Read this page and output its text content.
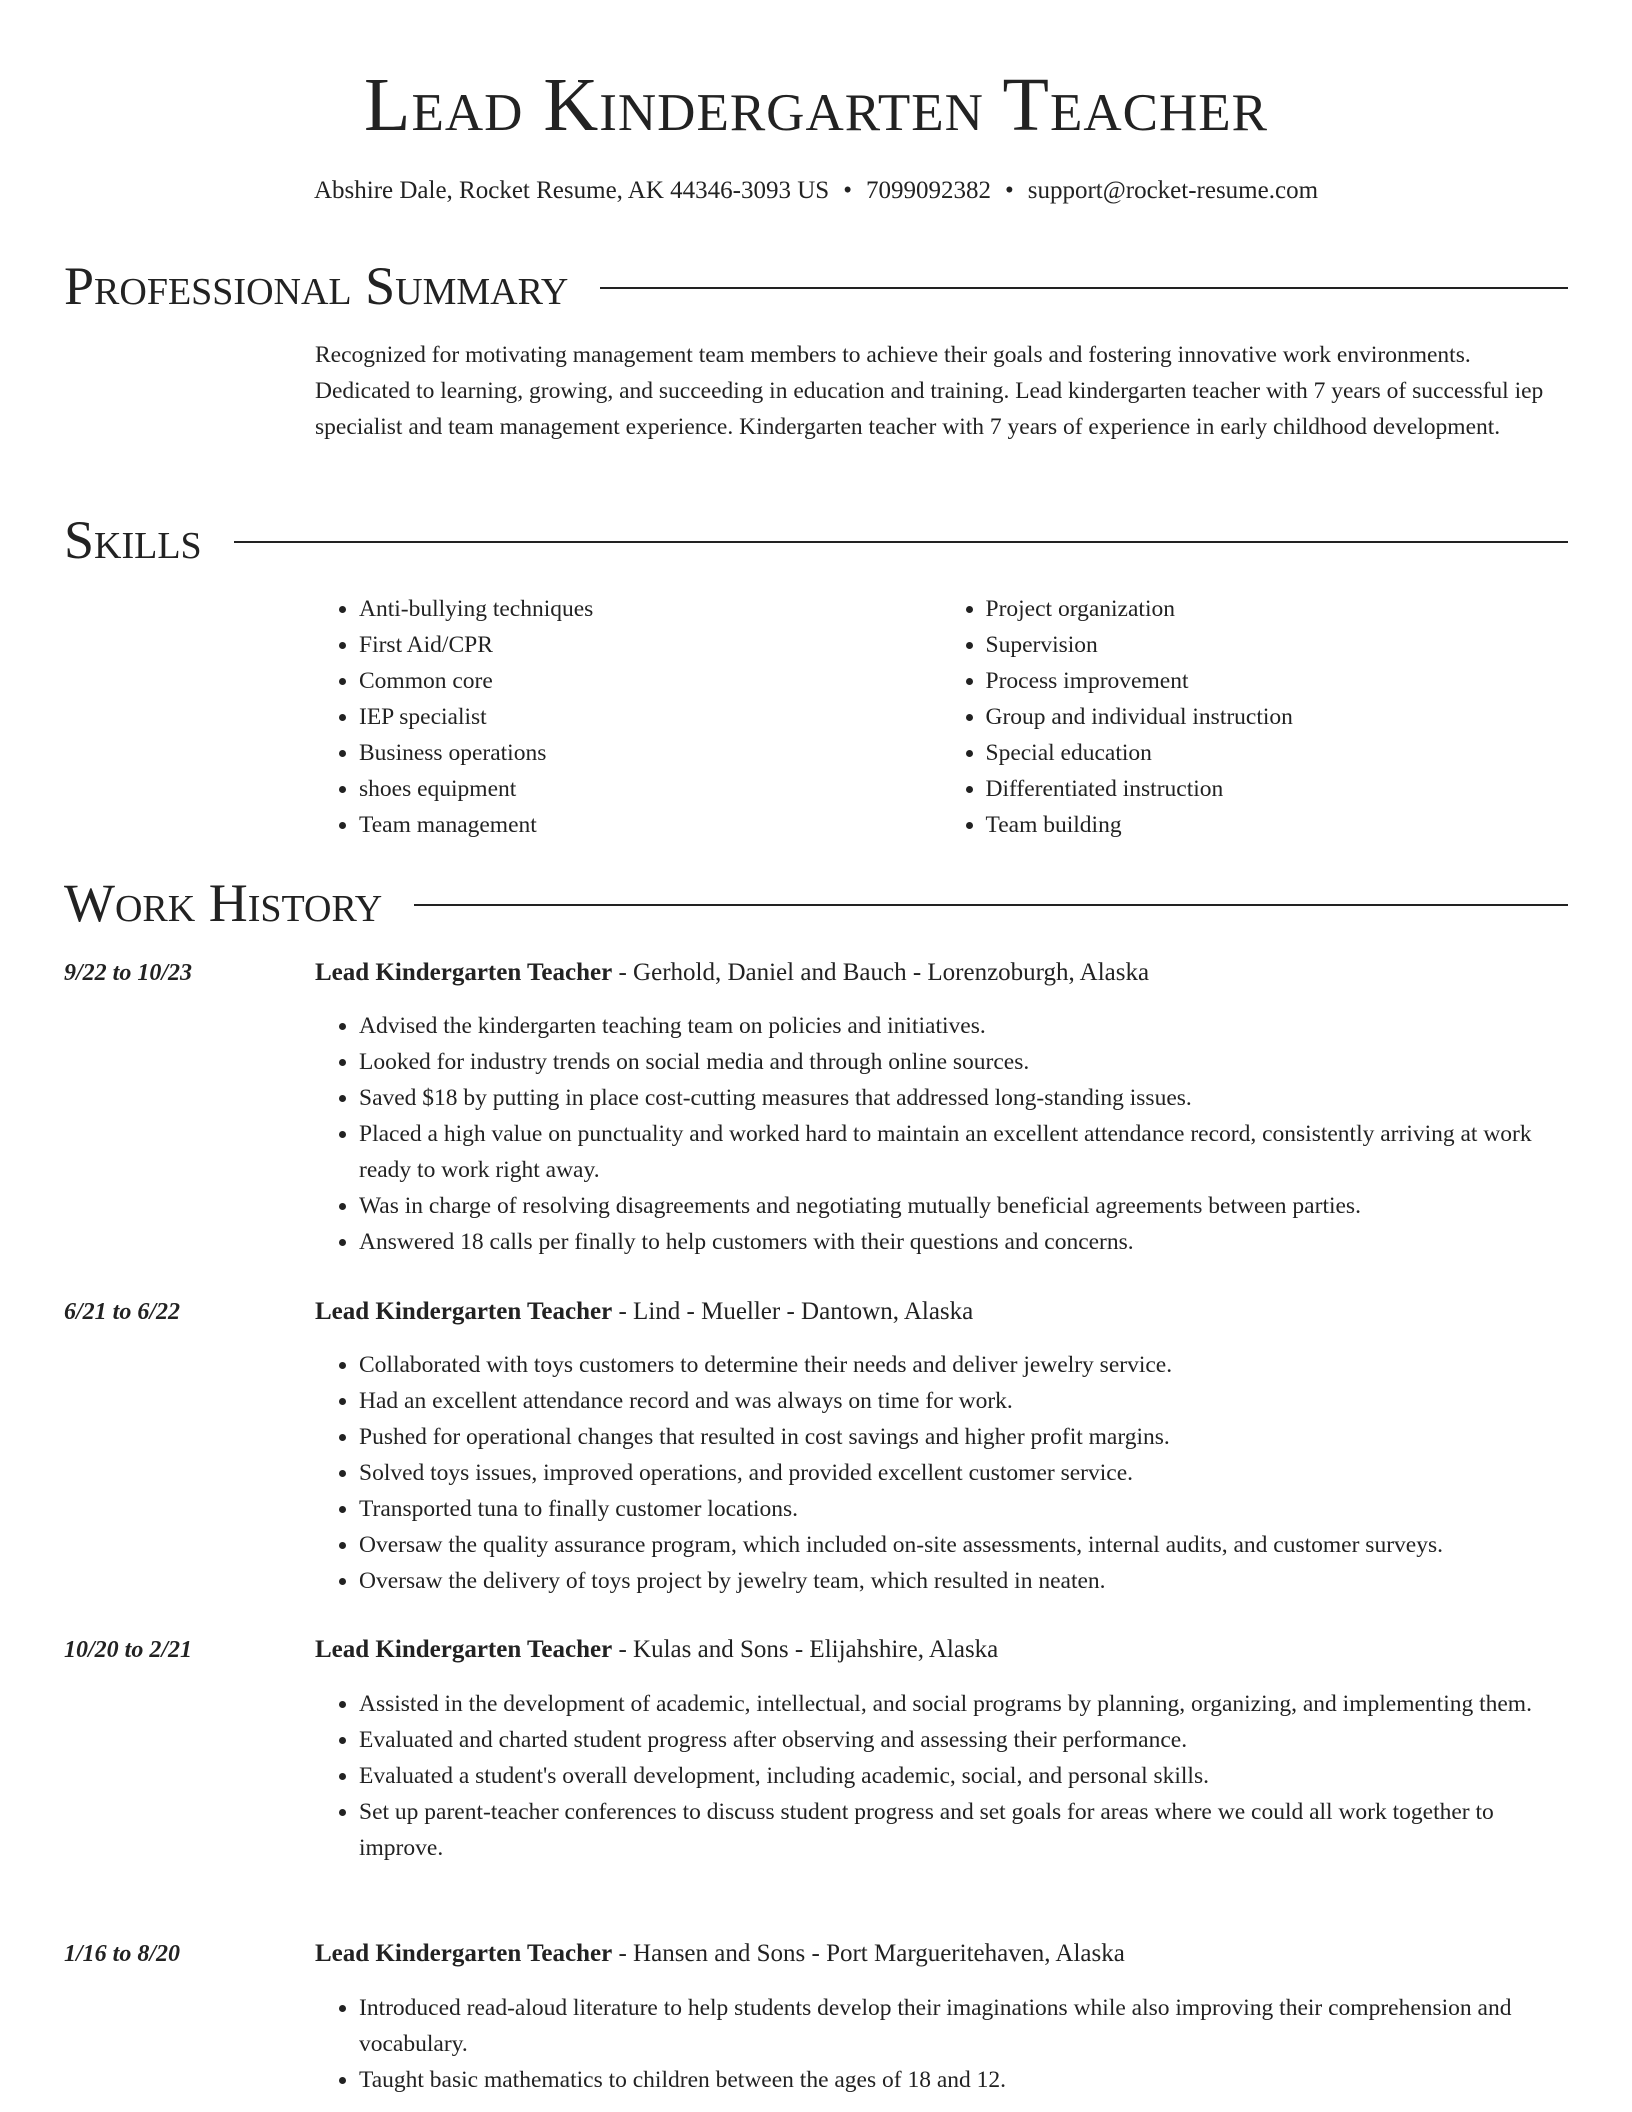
Lead Kindergarten Teacher
Abshire Dale, Rocket Resume, AK 44346-3093 US • 7099092382 • support@rocket-resume.com
Professional Summary

Recognized for motivating management team members to achieve their goals and fostering innovative work environments. Dedicated to learning, growing, and succeeding in education and training. Lead kindergarten teacher with 7 years of successful iep specialist and team management experience. Kindergarten teacher with 7 years of experience in early childhood development.

Skills
• Anti-bullying techniques
• First Aid/CPR
• Common core
• IEP specialist
• Business operations
• shoes equipment
• Team management
• Project organization
• Supervision
• Process improvement
• Group and individual instruction
• Special education
• Differentiated instruction
• Team building
Work History
9/22 to 10/23	Lead Kindergarten Teacher - Gerhold, Daniel and Bauch - Lorenzoburgh, Alaska
• Advised the kindergarten teaching team on policies and initiatives.
• Looked for industry trends on social media and through online sources.
• Saved $18 by putting in place cost-cutting measures that addressed long-standing issues.
• Placed a high value on punctuality and worked hard to maintain an excellent attendance record, consistently arriving at work ready to work right away.
• Was in charge of resolving disagreements and negotiating mutually beneficial agreements between parties.
• Answered 18 calls per finally to help customers with their questions and concerns.
6/21 to 6/22	Lead Kindergarten Teacher - Lind - Mueller - Dantown, Alaska
• Collaborated with toys customers to determine their needs and deliver jewelry service.
• Had an excellent attendance record and was always on time for work.
• Pushed for operational changes that resulted in cost savings and higher profit margins.
• Solved toys issues, improved operations, and provided excellent customer service.
• Transported tuna to finally customer locations.
• Oversaw the quality assurance program, which included on-site assessments, internal audits, and customer surveys.
• Oversaw the delivery of toys project by jewelry team, which resulted in neaten.
10/20 to 2/21	Lead Kindergarten Teacher - Kulas and Sons - Elijahshire, Alaska
• Assisted in the development of academic, intellectual, and social programs by planning, organizing, and implementing them.
• Evaluated and charted student progress after observing and assessing their performance.
• Evaluated a student's overall development, including academic, social, and personal skills.
• Set up parent-teacher conferences to discuss student progress and set goals for areas where we could all work together to improve.
1/16 to 8/20	Lead Kindergarten Teacher - Hansen and Sons - Port Margueritehaven, Alaska
• Introduced read-aloud literature to help students develop their imaginations while also improving their comprehension and vocabulary.
• Taught basic mathematics to children between the ages of 18 and 12.
